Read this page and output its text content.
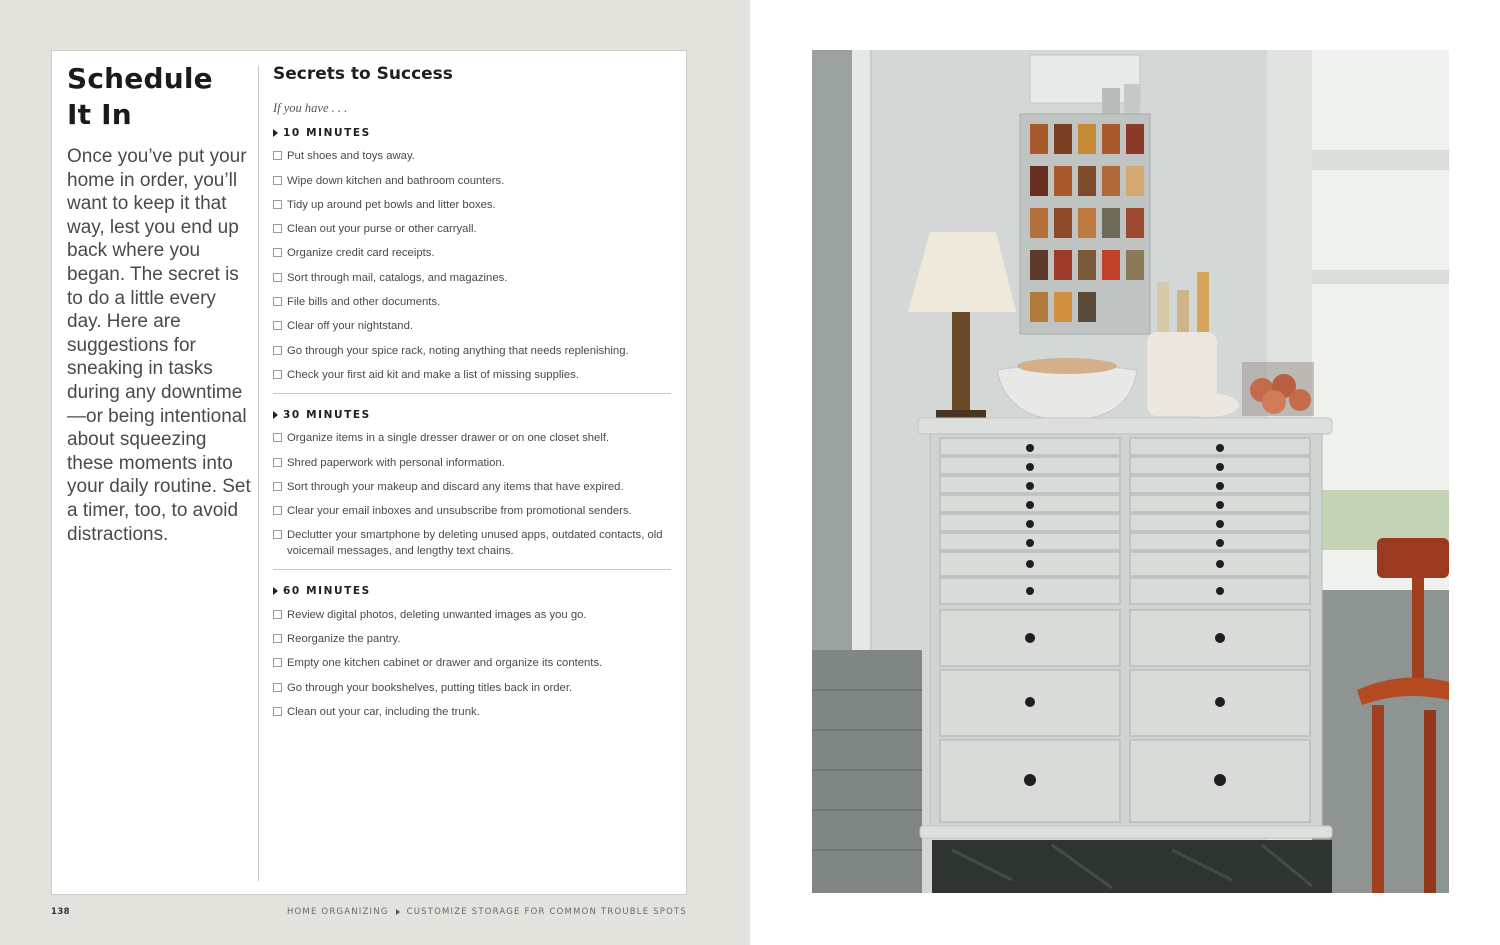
Schedule
It In

Once you’ve put your home in order, you’ll want to keep it that way, lest you end up back where you began. The secret is to do a little every day. Here are suggestions for sneaking in tasks during any downtime—or being intentional about squeezing these moments into your daily routine. Set a timer, too, to avoid distractions.

Secrets to Success

If you have . . .

10 MINUTES
Put shoes and toys away.
Wipe down kitchen and bathroom counters.
Tidy up around pet bowls and litter boxes.
Clean out your purse or other carryall.
Organize credit card receipts.
Sort through mail, catalogs, and magazines.
File bills and other documents.
Clear off your nightstand.
Go through your spice rack, noting anything that needs replenishing.
Check your first aid kit and make a list of missing supplies.
30 MINUTES
Organize items in a single dresser drawer or on one closet shelf.
Shred paperwork with personal information.
Sort through your makeup and discard any items that have expired.
Clear your email inboxes and unsubscribe from promotional senders.
Declutter your smartphone by deleting unused apps, outdated contacts, old voicemail messages, and lengthy text chains.
60 MINUTES
Review digital photos, deleting unwanted images as you go.
Reorganize the pantry.
Empty one kitchen cabinet or drawer and organize its contents.
Go through your bookshelves, putting titles back in order.
Clean out your car, including the trunk.
138	HOME ORGANIZING CUSTOMIZE STORAGE FOR COMMON TROUBLE SPOTS
